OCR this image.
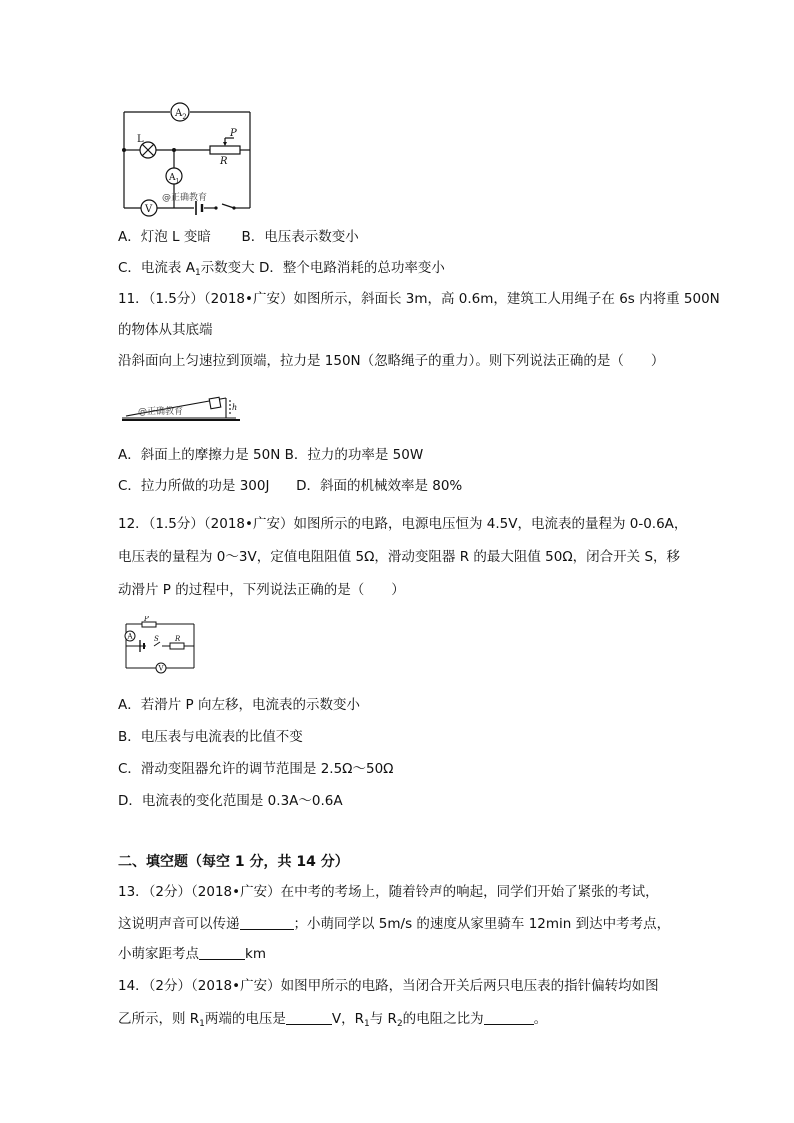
$A_2$
$A_1$
V
L
P
R
@正确教育
A．灯泡 L 变暗 B．电压表示数变小
C．电流表 $A_1$示数变大 D．整个电路消耗的总功率变小
11．（1.5分）（2018•广安）如图所示，斜面长 3m，高 0.6m，建筑工人用绳子在 6s 内将重 500N
的物体从其底端
沿斜面向上匀速拉到顶端，拉力是 150N（忽略绳子的重力）。则下列说法正确的是（　　）
h
@正确教育
A．斜面上的摩擦力是 50N B．拉力的功率是 50W
C．拉力所做的功是 300J D．斜面的机械效率是 80%
12．（1.5分）（2018•广安）如图所示的电路，电源电压恒为 4.5V，电流表的量程为 0-0.6A，
电压表的量程为 0～3V，定值电阻阻值 5Ω，滑动变阻器 R 的最大阻值 50Ω，闭合开关 S，移
动滑片 P 的过程中，下列说法正确的是（　　）
A
V
S R
P
A．若滑片 P 向左移，电流表的示数变小
B．电压表与电流表的比值不变
C．滑动变阻器允许的调节范围是 2.5Ω～50Ω
D．电流表的变化范围是 0.3A～0.6A
二、填空题（每空 1 分，共 14 分）
13．（2分）（2018•广安）在中考的考场上，随着铃声的响起，同学们开始了紧张的考试，
这说明声音可以传递	；小萌同学以 5m/s 的速度从家里骑车 12min 到达中考考点，
小萌家距考点	km
14．（2分）（2018•广安）如图甲所示的电路，当闭合开关后两只电压表的指针偏转均如图
乙所示，则 $R_1$两端的电压是	V，$R_1$与 $R_2$的电阻之比为	。
